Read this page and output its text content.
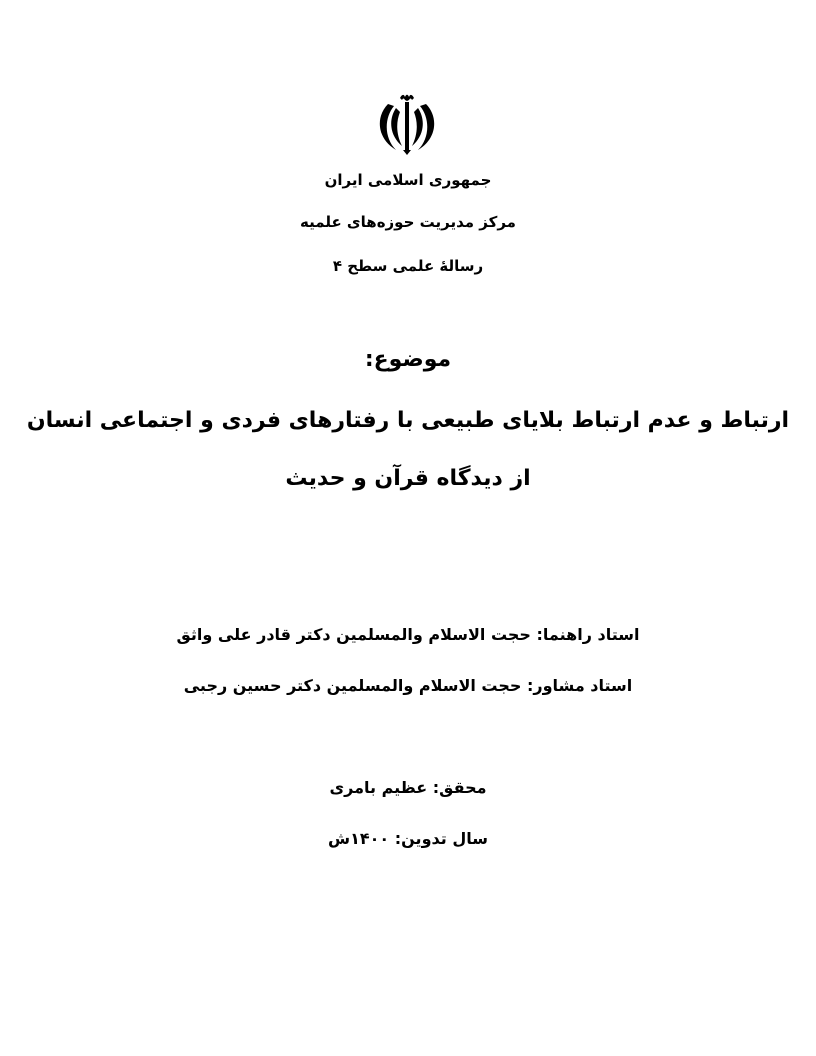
جمهوری اسلامی ایران
مرکز مدیریت حوزه‌های علمیه
رسالۀ علمی سطح ۴
موضوع:
ارتباط و عدم ارتباط بلایای طبیعی با رفتارهای فردی و اجتماعی انسان
از دیدگاه قرآن و حدیث
استاد راهنما: حجت الاسلام والمسلمین دکتر قادر علی واثق
استاد مشاور: حجت الاسلام والمسلمین دکتر حسین رجبی
محقق: عظیم بامری
سال تدوین: ۱۴۰۰ش
